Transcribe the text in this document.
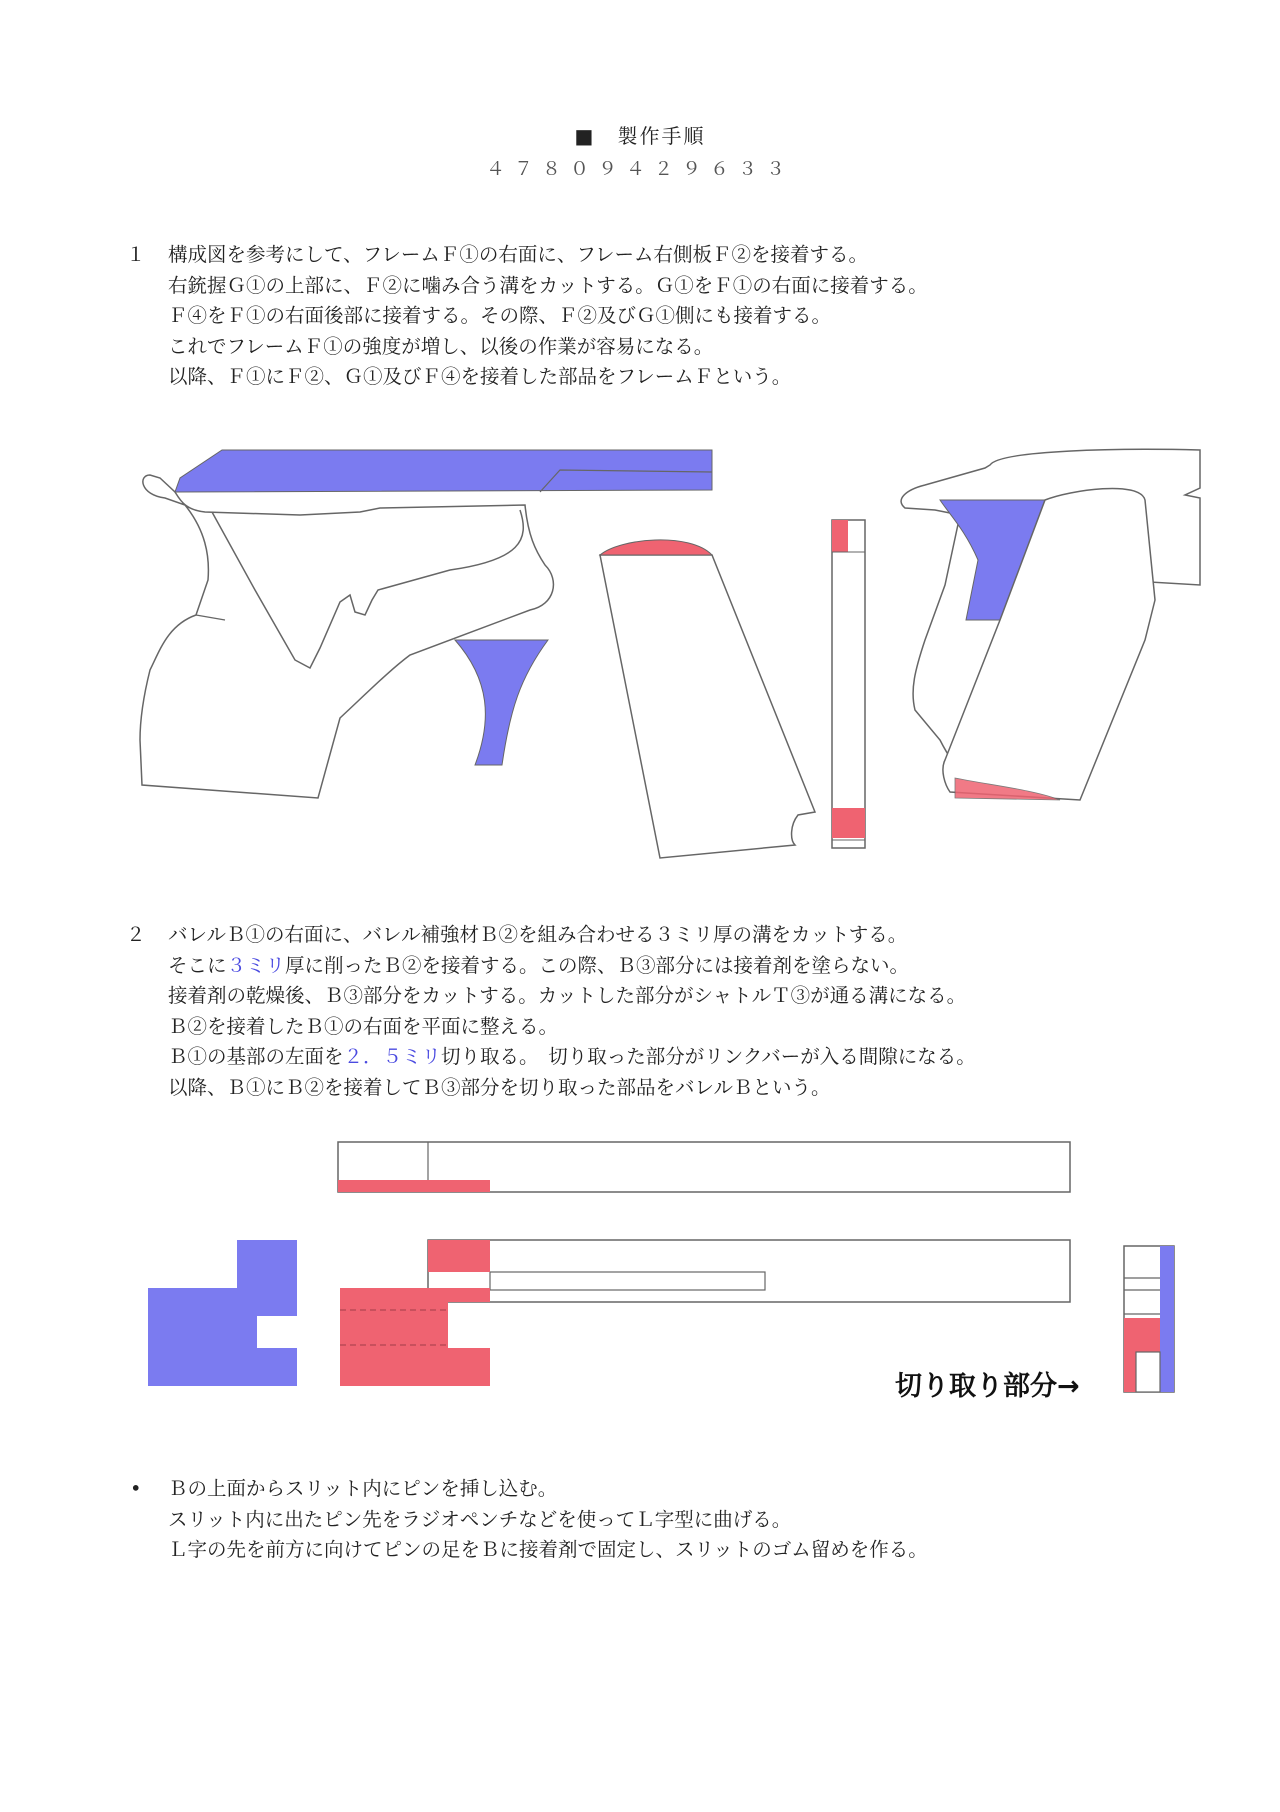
■　製作手順
４７８０９４２９６３３
１	構成図を参考にして、フレームＦ①の右面に、フレーム右側板Ｆ②を接着する。
右銃握Ｇ①の上部に、Ｆ②に噛み合う溝をカットする。Ｇ①をＦ①の右面に接着する。
Ｆ④をＦ①の右面後部に接着する。その際、Ｆ②及びＧ①側にも接着する。
これでフレームＦ①の強度が増し、以後の作業が容易になる。
以降、Ｆ①にＦ②、Ｇ①及びＦ④を接着した部品をフレームＦという。
２	バレルＢ①の右面に、バレル補強材Ｂ②を組み合わせる３ミリ厚の溝をカットする。
そこに３ミリ厚に削ったＢ②を接着する。この際、Ｂ③部分には接着剤を塗らない。
接着剤の乾燥後、Ｂ③部分をカットする。カットした部分がシャトルＴ③が通る溝になる。
Ｂ②を接着したＢ①の右面を平面に整える。
Ｂ①の基部の左面を２．５ミリ切り取る。　切り取った部分がリンクバーが入る間隙になる。
以降、Ｂ①にＢ②を接着してＢ③部分を切り取った部品をバレルＢという。
切り取り部分→
• Ｂの上面からスリット内にピンを挿し込む。
スリット内に出たピン先をラジオペンチなどを使ってＬ字型に曲げる。
Ｌ字の先を前方に向けてピンの足をＢに接着剤で固定し、スリットのゴム留めを作る。
